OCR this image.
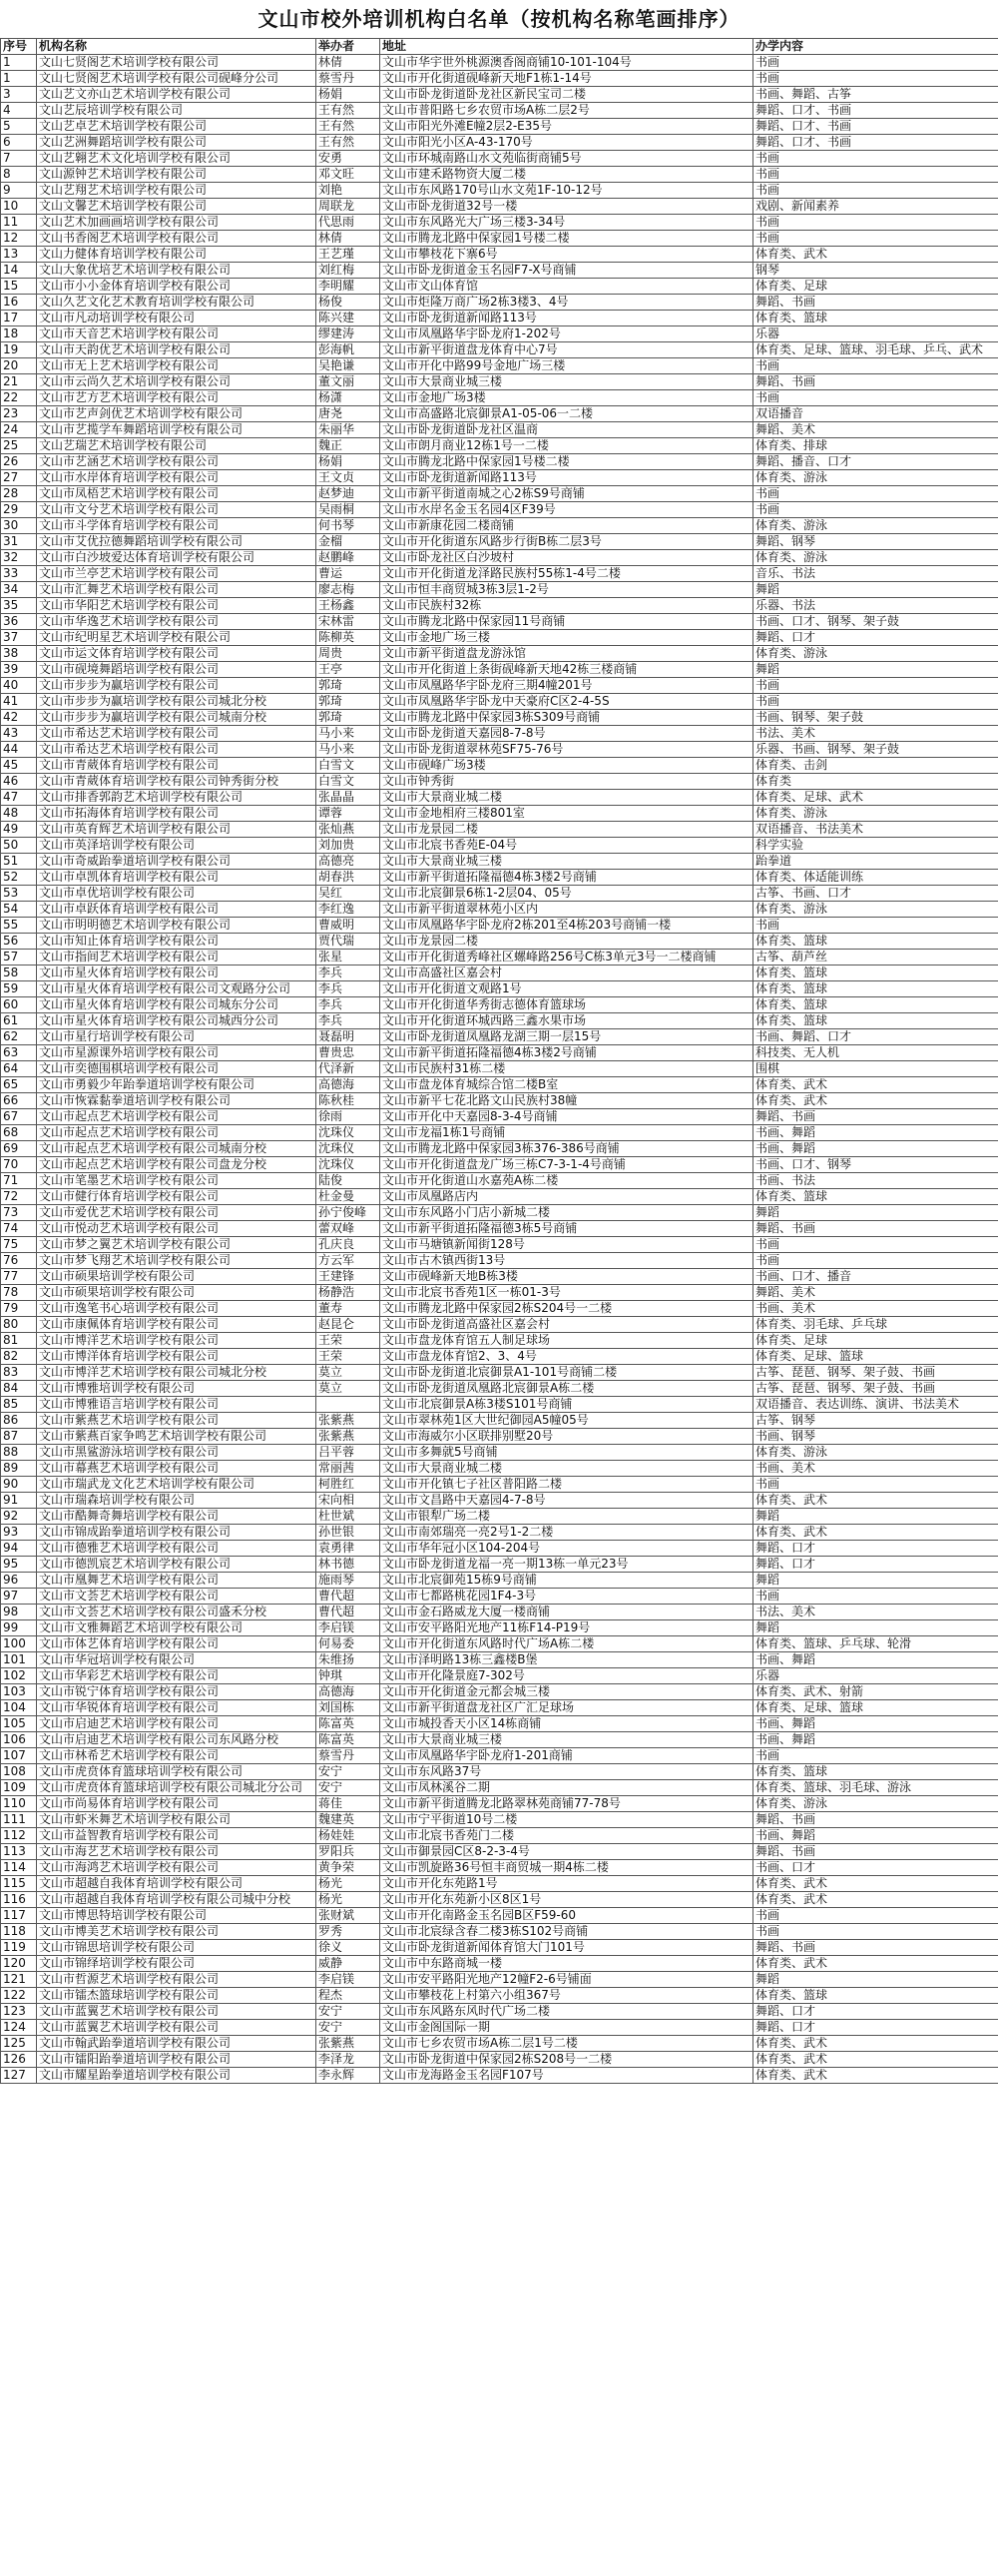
文山市校外培训机构白名单（按机构名称笔画排序）
序号	机构名称	举办者	地址	办学内容
1	文山七贤阁艺术培训学校有限公司	林倩	文山市华宇世外桃源澳香阁商铺10-101-104号	书画
1	文山七贤阁艺术培训学校有限公司砚峰分公司	蔡雪丹	文山市开化街道砚峰新天地F1栋1-14号	书画
3	文山艺文亦山艺术培训学校有限公司	杨娟	文山市卧龙街道卧龙社区新民宝司二楼	书画、舞蹈、古筝
4	文山艺辰培训学校有限公司	王有然	文山市普阳路七乡农贸市场A栋二层2号	舞蹈、口才、书画
5	文山艺卓艺术培训学校有限公司	王有然	文山市阳光外滩E幢2层2-E35号	舞蹈、口才、书画
6	文山艺洲舞蹈培训学校有限公司	王有然	文山市阳光小区A-43-170号	舞蹈、口才、书画
7	文山艺翱艺术文化培训学校有限公司	安勇	文山市环城南路山水文苑临街商铺5号	书画
8	文山源钟艺术培训学校有限公司	邓文旺	文山市建禾路物资大厦二楼	书画
9	文山艺翔艺术培训学校有限公司	刘艳	文山市东风路170号山水文苑1F-10-12号	书画
10	文山文馨艺术培训学校有限公司	周联龙	文山市卧龙街道32号一楼	戏剧、新闻素养
11	文山艺术加画画培训学校有限公司	代思雨	文山市东风路光大广场三楼3-34号	书画
12	文山书香阁艺术培训学校有限公司	林倩	文山市腾龙北路中保家园1号楼二楼	书画
13	文山力健体育培训学校有限公司	王艺瑾	文山市攀枝花下寨6号	体育类、武术
14	文山大象优培艺术培训学校有限公司	刘红梅	文山市卧龙街道金玉名园F7-X号商铺	钢琴
15	文山市小小金体育培训学校有限公司	李明耀	文山市文山体育馆	体育类、足球
16	文山久艺文化艺术教育培训学校有限公司	杨俊	文山市炬隆万商广场2栋3楼3、4号	舞蹈、书画
17	文山市凡动培训学校有限公司	陈兴建	文山市卧龙街道新闻路113号	体育类、篮球
18	文山市天音艺术培训学校有限公司	缪建涛	文山市凤凰路华宇卧龙府1-202号	乐器
19	文山市天韵优艺术培训学校有限公司	彭海帆	文山市新平街道盘龙体育中心7号	体育类、足球、篮球、羽毛球、乒乓、武术
20	文山市无上艺术培训学校有限公司	吴艳谦	文山市开化中路99号金地广场三楼	书画
21	文山市云尚久艺术培训学校有限公司	董文丽	文山市大景商业城三楼	舞蹈、书画
22	文山市艺方艺术培训学校有限公司	杨潇	文山市金地广场3楼	书画
23	文山市艺声剑优艺术培训学校有限公司	唐尧	文山市高盛路北宸御景A1-05-06一二楼	双语播音
24	文山市艺揽学车舞蹈培训学校有限公司	朱丽华	文山市卧龙街道卧龙社区温商	舞蹈、美术
25	文山艺瑞艺术培训学校有限公司	魏正	文山市朗月商业12栋1号一二楼	体育类、排球
26	文山市艺涵艺术培训学校有限公司	杨娟	文山市腾龙北路中保家园1号楼二楼	舞蹈、播音、口才
27	文山市水岸体育培训学校有限公司	王文贞	文山市卧龙街道新闻路113号	体育类、游泳
28	文山市凤梧艺术培训学校有限公司	赵梦迪	文山市新平街道南城之心2栋S9号商铺	书画
29	文山市文兮艺术培训学校有限公司	吴雨桐	文山市水岸名金玉名园4区F39号	书画
30	文山市斗学体育培训学校有限公司	何书琴	文山市新康花园二楼商铺	体育类、游泳
31	文山市艾优拉德舞蹈培训学校有限公司	金榴	文山市开化街道东风路步行街B栋二层3号	舞蹈、钢琴
32	文山市白沙坡爱达体育培训学校有限公司	赵鹏峰	文山市卧龙社区白沙坡村	体育类、游泳
33	文山市兰亭艺术培训学校有限公司	曹运	文山市开化街道龙泽路民族村55栋1-4号二楼	音乐、书法
34	文山市汇舞艺术培训学校有限公司	廖志梅	文山市恒丰商贸城3栋3层1-2号	舞蹈
35	文山市华阳艺术培训学校有限公司	王杨鑫	文山市民族村32栋	乐器、书法
36	文山市华逸艺术培训学校有限公司	宋林雷	文山市腾龙北路中保家园11号商铺	书画、口才、钢琴、架子鼓
37	文山市纪明星艺术培训学校有限公司	陈柳英	文山市金地广场三楼	舞蹈、口才
38	文山市运文体育培训学校有限公司	周贵	文山市新平街道盘龙游泳馆	体育类、游泳
39	文山市砚境舞蹈培训学校有限公司	王亭	文山市开化街道上条街砚峰新天地42栋三楼商铺	舞蹈
40	文山市步步为赢培训学校有限公司	郭琦	文山市凤凰路华宇卧龙府三期4幢201号	书画
41	文山市步步为赢培训学校有限公司城北分校	郭琦	文山市凤凰路华宇卧龙中天豪府C区2-4-5S	书画
42	文山市步步为赢培训学校有限公司城南分校	郭琦	文山市腾龙北路中保家园3栋S309号商铺	书画、钢琴、架子鼓
43	文山市希达艺术培训学校有限公司	马小来	文山市卧龙街道天嘉园8-7-8号	书法、美术
44	文山市希达艺术培训学校有限公司	马小来	文山市卧龙街道翠林苑SF75-76号	乐器、书画、钢琴、架子鼓
45	文山市青葳体育培训学校有限公司	白雪文	文山市砚峰广场3楼	体育类、击剑
46	文山市青葳体育培训学校有限公司钟秀街分校	白雪文	文山市钟秀街	体育类
47	文山市排香郭韵艺术培训学校有限公司	张晶晶	文山市大景商业城二楼	体育类、足球、武术
48	文山市拓海体育培训学校有限公司	谭蓉	文山市金地相府三楼801室	体育类、游泳
49	文山市英育辉艺术培训学校有限公司	张灿燕	文山市龙景园二楼	双语播音、书法美术
50	文山市英泽培训学校有限公司	刘加贵	文山市北宸书香苑E-04号	科学实验
51	文山市奇威跆拳道培训学校有限公司	高德亮	文山市大景商业城三楼	跆拳道
52	文山市卓凯体育培训学校有限公司	胡春洪	文山市新平街道拓隆福德4栋3楼2号商铺	体育类、体适能训练
53	文山市卓优培训学校有限公司	吴红	文山市北宸御景6栋1-2层04、05号	古筝、书画、口才
54	文山市卓跃体育培训学校有限公司	李红逸	文山市新平街道翠林苑小区内	体育类、游泳
55	文山市明明德艺术培训学校有限公司	曹威明	文山市凤凰路华宇卧龙府2栋201至4栋203号商铺一楼	书画
56	文山市知止体育培训学校有限公司	贾代瑞	文山市龙景园二楼	体育类、篮球
57	文山市指间艺术培训学校有限公司	张星	文山市开化街道秀峰社区螺峰路256号C栋3单元3号一二楼商铺	古筝、葫芦丝
58	文山市星火体育培训学校有限公司	李兵	文山市高盛社区嘉会村	体育类、篮球
59	文山市星火体育培训学校有限公司文观路分公司	李兵	文山市开化街道文观路1号	体育类、篮球
60	文山市星火体育培训学校有限公司城东分公司	李兵	文山市开化街道华秀街志德体育篮球场	体育类、篮球
61	文山市星火体育培训学校有限公司城西分公司	李兵	文山市开化街道环城西路三鑫水果市场	体育类、篮球
62	文山市星行培训学校有限公司	聂磊明	文山市卧龙街道凤凰路龙湖三期一层15号	书画、舞蹈、口才
63	文山市星源课外培训学校有限公司	曹贵忠	文山市新平街道拓隆福德4栋3楼2号商铺	科技类、无人机
64	文山市奕德围棋培训学校有限公司	代泽新	文山市民族村31栋二楼	围棋
65	文山市勇毅少年跆拳道培训学校有限公司	高德海	文山市盘龙体育城综合馆二楼B室	体育类、武术
66	文山市恢霖黏拳道培训学校有限公司	陈秋桂	文山市新平七花北路文山民族村38幢	体育类、武术
67	文山市起点艺术培训学校有限公司	徐雨	文山市开化中天嘉园8-3-4号商铺	舞蹈、书画
68	文山市起点艺术培训学校有限公司	沈珠仪	文山市龙福1栋1号商铺	书画、舞蹈
69	文山市起点艺术培训学校有限公司城南分校	沈珠仪	文山市腾龙北路中保家园3栋376-386号商铺	书画、舞蹈
70	文山市起点艺术培训学校有限公司盘龙分校	沈珠仪	文山市开化街道盘龙广场三栋C7-3-1-4号商铺	书画、口才、钢琴
71	文山市笔墨艺术培训学校有限公司	陆俊	文山市开化街道山水嘉苑A栋二楼	书画、书法
72	文山市健行体育培训学校有限公司	杜金曼	文山市凤凰路店内	体育类、篮球
73	文山市爱优艺术培训学校有限公司	孙宁俊峰	文山市东风路小门店小新城二楼	舞蹈
74	文山市悦动艺术培训学校有限公司	蕾双峰	文山市新平街道拓隆福德3栋5号商铺	舞蹈、书画
75	文山市梦之翼艺术培训学校有限公司	孔庆良	文山市马塘镇新闻街128号	书画
76	文山市梦飞翔艺术培训学校有限公司	方云军	文山市古木镇西街13号	书画
77	文山市硕果培训学校有限公司	王建锋	文山市砚峰新天地B栋3楼	书画、口才、播音
78	文山市硕果培训学校有限公司	杨静浩	文山市北宸书香苑1区一栋01-3号	舞蹈、美术
79	文山市逸笔书心培训学校有限公司	董寿	文山市腾龙北路中保家园2栋S204号一二楼	书画、美术
80	文山市康佩体育培训学校有限公司	赵昆仑	文山市卧龙街道高盛社区嘉会村	体育类、羽毛球、乒乓球
81	文山市博洋艺术培训学校有限公司	王荣	文山市盘龙体育馆五人制足球场	体育类、足球
82	文山市博洋体育培训学校有限公司	王荣	文山市盘龙体育馆2、3、4号	体育类、足球、篮球
83	文山市博洋艺术培训学校有限公司城北分校	莫立	文山市卧龙街道北宸御景A1-101号商铺二楼	古筝、琵琶、钢琴、架子鼓、书画
84	文山市博雅培训学校有限公司	莫立	文山市卧龙街道凤凰路北宸御景A栋二楼	古筝、琵琶、钢琴、架子鼓、书画
85	文山市博雅语言培训学校有限公司		文山市北宸御景A栋3楼S101号商铺	双语播音、表达训练、演讲、书法美术
86	文山市紫燕艺术培训学校有限公司	张紫燕	文山市翠林苑1区大世纪御园A5幢05号	古筝、钢琴
87	文山市紫燕百家争鸣艺术培训学校有限公司	张紫燕	文山市海威尔小区联排别墅20号	书画、钢琴
88	文山市黑鲨游泳培训学校有限公司	吕平蓉	文山市多舞就5号商铺	体育类、游泳
89	文山市幕燕艺术培训学校有限公司	常丽茜	文山市大景商业城二楼	书画、美术
90	文山市瑞武龙文化艺术培训学校有限公司	柯胜红	文山市开化镇七子社区普阳路二楼	书画
91	文山市瑞森培训学校有限公司	宋向相	文山市文昌路中天嘉园4-7-8号	体育类、武术
92	文山市酷舞奇舞培训学校有限公司	杜世斌	文山市银犁广场二楼	舞蹈
93	文山市锦成跆拳道培训学校有限公司	孙世银	文山市南郊瑞亮一亮2号1-2二楼	体育类、武术
94	文山市德雅艺术培训学校有限公司	袁勇律	文山市华年冠小区104-204号	舞蹈、口才
95	文山市德凯宸艺术培训学校有限公司	林书德	文山市卧龙街道龙福一亮一期13栋一单元23号	舞蹈、口才
96	文山市凰舞艺术培训学校有限公司	施雨琴	文山市北宸御苑15栋9号商铺	舞蹈
97	文山市文荟艺术培训学校有限公司	曹代超	文山市七都路桃花园1F4-3号	书画
98	文山市文荟艺术培训学校有限公司盛禾分校	曹代超	文山市金石路威龙大厦一楼商铺	书法、美术
99	文山市文雅舞蹈艺术培训学校有限公司	李启镁	文山市安平路阳光地产11栋F14-P19号	舞蹈
100	文山市体艺体育培训学校有限公司	何易委	文山市开化街道东风路时代广场A栋二楼	体育类、篮球、乒乓球、轮滑
101	文山市华冠培训学校有限公司	朱维扬	文山市泽明路13栋三鑫楼B堡	书画、舞蹈
102	文山市华彩艺术培训学校有限公司	钟琪	文山市开化隆景庭7-302号	乐器
103	文山市锐宁体育培训学校有限公司	高德海	文山市开化街道金元都会城三楼	体育类、武术、射箭
104	文山市华锐体育培训学校有限公司	刘国栋	文山市新平街道盘龙社区广汇足球场	体育类、足球、篮球
105	文山市启迪艺术培训学校有限公司	陈富英	文山市城投香天小区14栋商铺	书画、舞蹈
106	文山市启迪艺术培训学校有限公司东风路分校	陈富英	文山市大景商业城三楼	书画、舞蹈
107	文山市林希艺术培训学校有限公司	蔡雪丹	文山市凤凰路华宇卧龙府1-201商铺	书画
108	文山市虎贲体育篮球培训学校有限公司	安宁	文山市东风路37号	体育类、篮球
109	文山市虎贲体育篮球培训学校有限公司城北分公司	安宁	文山市凤林溪谷二期	体育类、篮球、羽毛球、游泳
110	文山市尚易体育培训学校有限公司	蒋佳	文山市新平街道腾龙北路翠林苑商铺77-78号	体育类、游泳
111	文山市虾米舞艺术培训学校有限公司	魏建英	文山市宁平街道10号二楼	舞蹈、书画
112	文山市益智教育培训学校有限公司	杨娃娃	文山市北宸书香苑门二楼	书画、舞蹈
113	文山市海艺艺术培训学校有限公司	罗阳兵	文山市御景园C区8-2-3-4号	舞蹈、书画
114	文山市海鸿艺术培训学校有限公司	黄争荣	文山市凯旋路36号恒丰商贸城一期4栋二楼	书画、口才
115	文山市超越自我体育培训学校有限公司	杨光	文山市开化东苑路1号	体育类、武术
116	文山市超越自我体育培训学校有限公司城中分校	杨光	文山市开化东苑新小区8区1号	体育类、武术
117	文山市博思特培训学校有限公司	张财斌	文山市开化南路金玉名园B区F59-60	书画
118	文山市博美艺术培训学校有限公司	罗秀	文山市北宸绿含春二楼3栋S102号商铺	书画
119	文山市锦思培训学校有限公司	徐义	文山市卧龙街道新闻体育馆大门101号	舞蹈、书画
120	文山市锦绎培训学校有限公司	威静	文山市中东路商城一楼	体育类、武术
121	文山市哲源艺术培训学校有限公司	李启镁	文山市安平路阳光地产12幢F2-6号铺面	舞蹈
122	文山市镭杰篮球培训学校有限公司	程杰	文山市攀枝花上村第六小组367号	体育类、篮球
123	文山市蓝翼艺术培训学校有限公司	安宁	文山市东风路东风时代广场二楼	舞蹈、口才
124	文山市蓝翼艺术培训学校有限公司	安宁	文山市金阁国际一期	舞蹈、口才
125	文山市翰武跆拳道培训学校有限公司	张紫燕	文山市七乡农贸市场A栋二层1号二楼	体育类、武术
126	文山市镭阳跆拳道培训学校有限公司	李泽龙	文山市卧龙街道中保家园2栋S208号一二楼	体育类、武术
127	文山市耀星跆拳道培训学校有限公司	李永辉	文山市龙海路金玉名园F107号	体育类、武术
